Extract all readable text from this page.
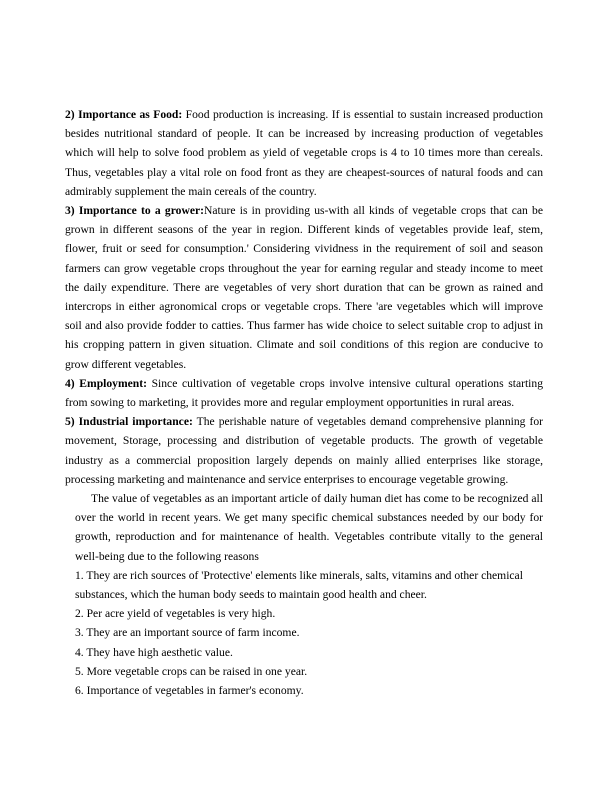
2) Importance as Food: Food production is increasing. If is essential to sustain increased production besides nutritional standard of people. It can be increased by increasing production of vegetables which will help to solve food problem as yield of vegetable crops is 4 to 10 times more than cereals. Thus, vegetables play a vital role on food front as they are cheapest-sources of natural foods and can admirably supplement the main cereals of the country.

3) Importance to a grower:Nature is in providing us-with all kinds of vegetable crops that can be grown in different seasons of the year in region. Different kinds of vegetables provide leaf, stem, flower, fruit or seed for consumption.' Considering vividness in the requirement of soil and season farmers can grow vegetable crops throughout the year for earning regular and steady income to meet the daily expenditure. There are vegetables of very short duration that can be grown as rained and intercrops in either agronomical crops or vegetable crops. There 'are vegetables which will improve soil and also provide fodder to catties. Thus farmer has wide choice to select suitable crop to adjust in his cropping pattern in given situation. Climate and soil conditions of this region are conducive to grow different vegetables.

4) Employment: Since cultivation of vegetable crops involve intensive cultural operations starting from sowing to marketing, it provides more and regular employment opportunities in rural areas.

5) Industrial importance: The perishable nature of vegetables demand comprehensive planning for movement, Storage, processing and distribution of vegetable products. The growth of vegetable industry as a commercial proposition largely depends on mainly allied enterprises like storage, processing marketing and maintenance and service enterprises to encourage vegetable growing.

The value of vegetables as an important article of daily human diet has come to be recognized all over the world in recent years. We get many specific chemical substances needed by our body for growth, reproduction and for maintenance of health. Vegetables contribute vitally to the general well-being due to the following reasons

1. They are rich sources of 'Protective' elements like minerals, salts, vitamins and other chemical substances, which the human body seeds to maintain good health and cheer.
2. Per acre yield of vegetables is very high.
3. They are an important source of farm income.
4. They have high aesthetic value.
5. More vegetable crops can be raised in one year.
6. Importance of vegetables in farmer's economy.
